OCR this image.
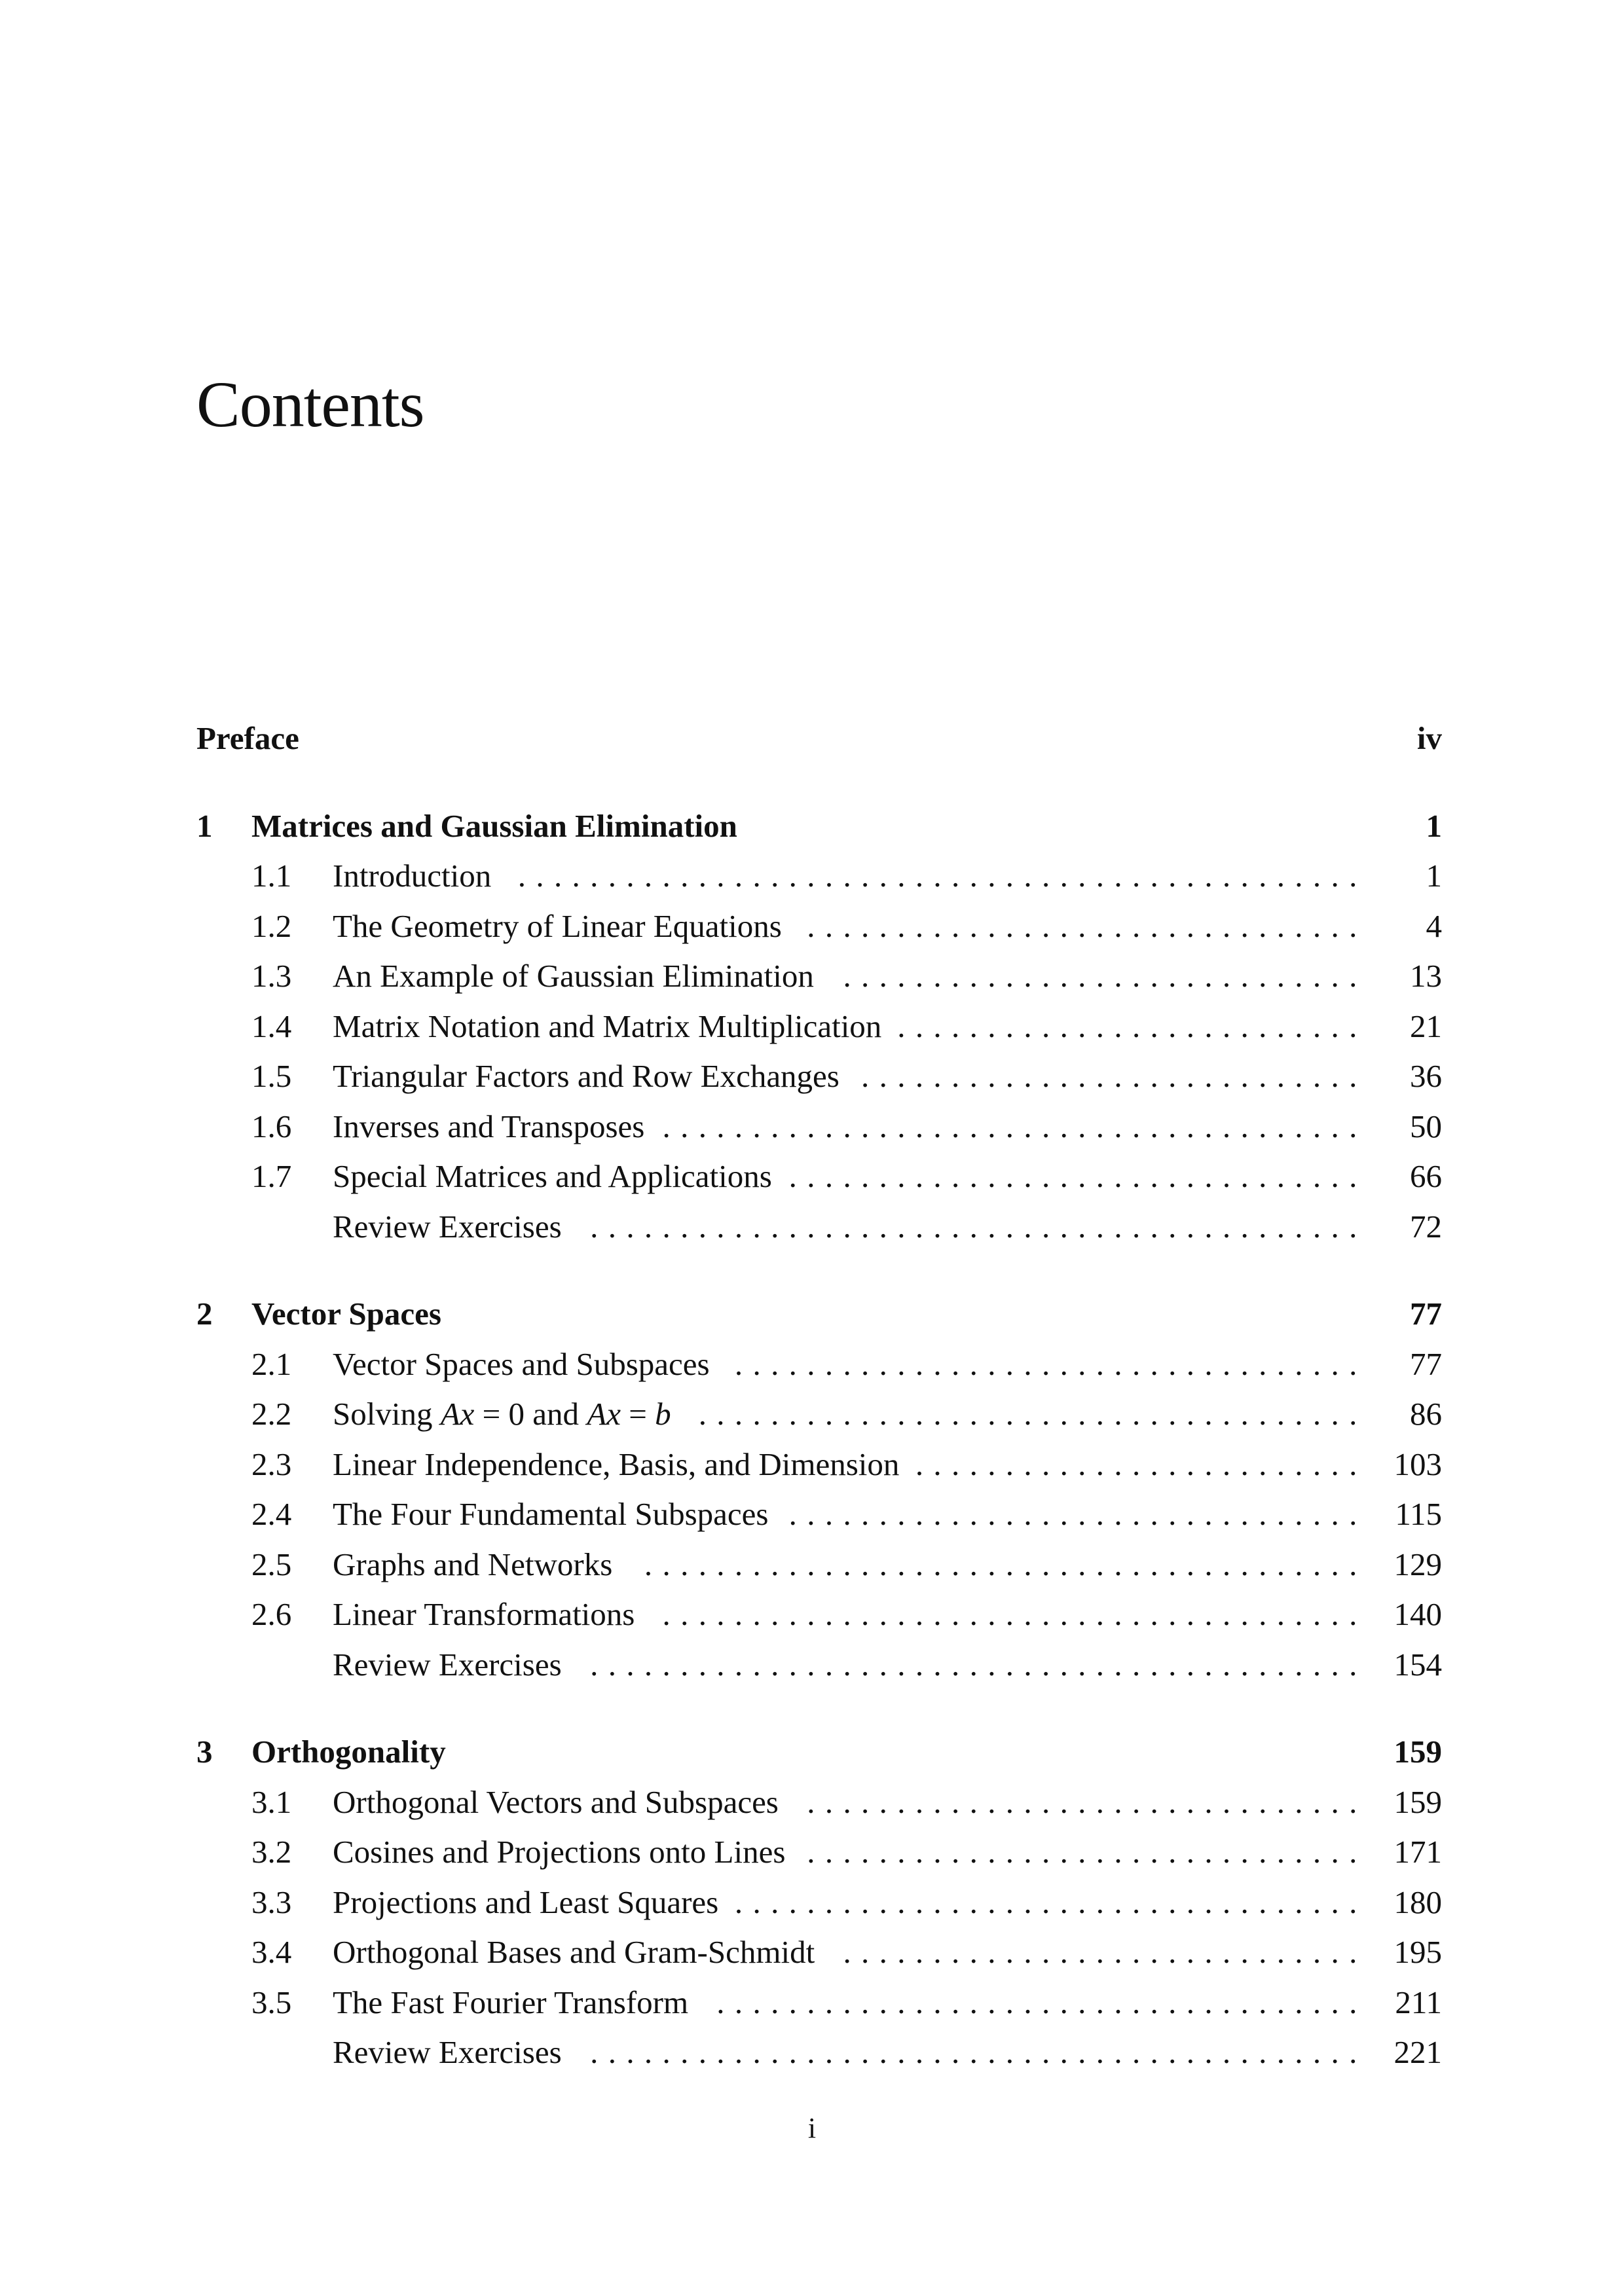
Contents
Preface	iv
1 Matrices and Gaussian Elimination	1
1.1 Introduction . . . . . . . . . . . . . . . . . . . . . . . . . . . . . . . . . . . . . . . . . . . . . . . 1
1.2 The Geometry of Linear Equations . . . . . . . . . . . . . . . . . . . . . . . . . . . . . . . 4
1.3 An Example of Gaussian Elimination . . . . . . . . . . . . . . . . . . . . . . . . . . . . . 13
1.4 Matrix Notation and Matrix Multiplication . . . . . . . . . . . . . . . . . . . . . . . . . . 21
1.5 Triangular Factors and Row Exchanges . . . . . . . . . . . . . . . . . . . . . . . . . . . . 36
1.6 Inverses and Transposes . . . . . . . . . . . . . . . . . . . . . . . . . . . . . . . . . . . . . . . 50
1.7 Special Matrices and Applications . . . . . . . . . . . . . . . . . . . . . . . . . . . . . . . . 66
Review Exercises . . . . . . . . . . . . . . . . . . . . . . . . . . . . . . . . . . . . . . . . . . . 72
2 Vector Spaces	77
2.1 Vector Spaces and Subspaces . . . . . . . . . . . . . . . . . . . . . . . . . . . . . . . . . . . 77
2.2 Solving Ax = 0 and Ax = b . . . . . . . . . . . . . . . . . . . . . . . . . . . . . . . . . . . . . 86
2.3 Linear Independence, Basis, and Dimension . . . . . . . . . . . . . . . . . . . . . . . . . 103
2.4 The Four Fundamental Subspaces . . . . . . . . . . . . . . . . . . . . . . . . . . . . . . . . 115
2.5 Graphs and Networks . . . . . . . . . . . . . . . . . . . . . . . . . . . . . . . . . . . . . . . . 129
2.6 Linear Transformations . . . . . . . . . . . . . . . . . . . . . . . . . . . . . . . . . . . . . . . 140
Review Exercises . . . . . . . . . . . . . . . . . . . . . . . . . . . . . . . . . . . . . . . . . . . 154
3 Orthogonality	159
3.1 Orthogonal Vectors and Subspaces . . . . . . . . . . . . . . . . . . . . . . . . . . . . . . . 159
3.2 Cosines and Projections onto Lines . . . . . . . . . . . . . . . . . . . . . . . . . . . . . . . 171
3.3 Projections and Least Squares . . . . . . . . . . . . . . . . . . . . . . . . . . . . . . . . . . . 180
3.4 Orthogonal Bases and Gram-Schmidt . . . . . . . . . . . . . . . . . . . . . . . . . . . . . 195
3.5 The Fast Fourier Transform . . . . . . . . . . . . . . . . . . . . . . . . . . . . . . . . . . . . 211
Review Exercises . . . . . . . . . . . . . . . . . . . . . . . . . . . . . . . . . . . . . . . . . . . 221
i
